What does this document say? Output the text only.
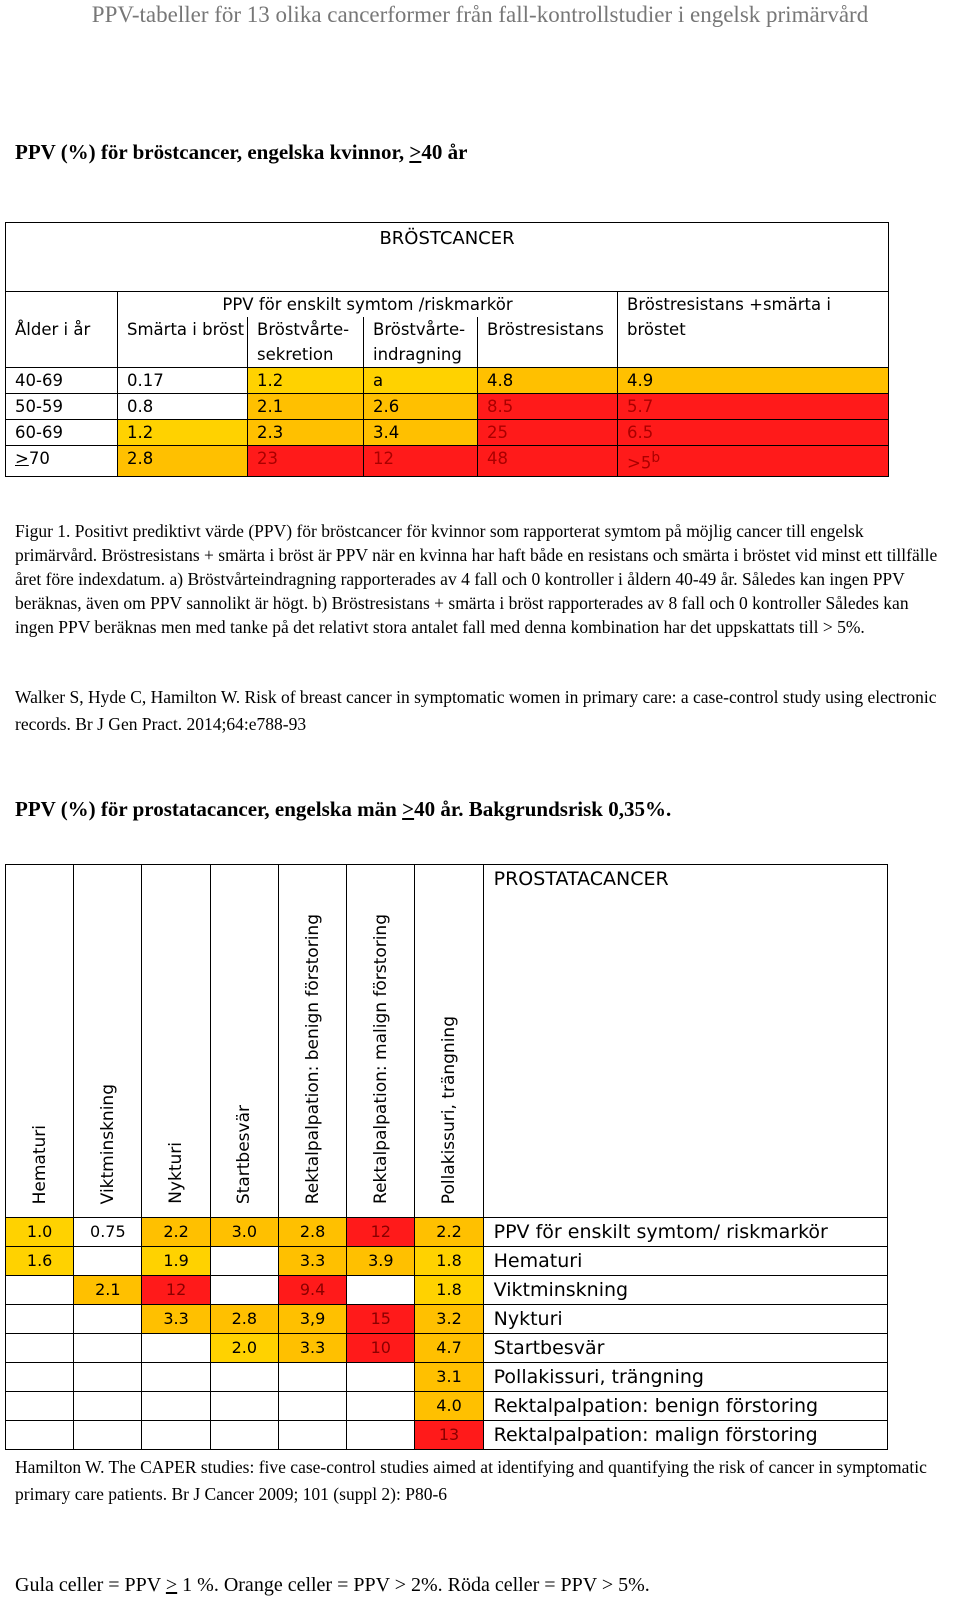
PPV-tabeller för 13 olika cancerformer från fall-kontrollstudier i engelsk primärvård
PPV (%) för bröstcancer, engelska kvinnor, >40 år
BRÖSTCANCER					
	PPV för enskilt symtom /riskmarkör				Bröstresistans +smärta i bröstet
Ålder i år	Smärta i bröst	Bröstvårte-sekretion	Bröstvårte-indragning	Bröstresistans	
40-69	0.17	1.2	a	4.8	4.9
50-59	0.8	2.1	2.6	8.5	5.7
60-69	1.2	2.3	3.4	25	6.5
>70	2.8	23	12	48	$>5^b$
Figur 1. Positivt prediktivt värde (PPV) för bröstcancer för kvinnor som rapporterat symtom på möjlig cancer till engelsk primärvård. Bröstresistans + smärta i bröst är PPV när en kvinna har haft både en resistans och smärta i bröstet vid minst ett tillfälle året före indexdatum. a) Bröstvårteindragning rapporterades av 4 fall och 0 kontroller i åldern 40-49 år. Således kan ingen PPV beräknas, även om PPV sannolikt är högt. b) Bröstresistans + smärta i bröst rapporterades av 8 fall och 0 kontroller Således kan ingen PPV beräknas men med tanke på det relativt stora antalet fall med denna kombination har det uppskattats till > 5%.
Walker S, Hyde C, Hamilton W. Risk of breast cancer in symptomatic women in primary care: a case-control study using electronic records. Br J Gen Pract. 2014;64:e788-93
PPV (%) för prostatacancer, engelska män >40 år. Bakgrundsrisk 0,35%.
Hematuri	Viktminskning	Nykturi	Startbesvär	Rektalpalpation: benign förstoring	Rektalpalpation: malign förstoring	Pollakissuri, trängning	PROSTATACANCER
1.0	0.75	2.2	3.0	2.8	12	2.2	PPV för enskilt symtom/ riskmarkör
1.6		1.9		3.3	3.9	1.8	Hematuri
	2.1	12		9.4		1.8	Viktminskning
		3.3	2.8	3,9	15	3.2	Nykturi
			2.0	3.3	10	4.7	Startbesvär
						3.1	Pollakissuri, trängning
						4.0	Rektalpalpation: benign förstoring
						13	Rektalpalpation: malign förstoring
Hamilton W. The CAPER studies: five case-control studies aimed at identifying and quantifying the risk of cancer in symptomatic primary care patients. Br J Cancer 2009; 101 (suppl 2): P80-6
Gula celler = PPV > 1 %. Orange celler = PPV > 2%. Röda celler = PPV > 5%.
